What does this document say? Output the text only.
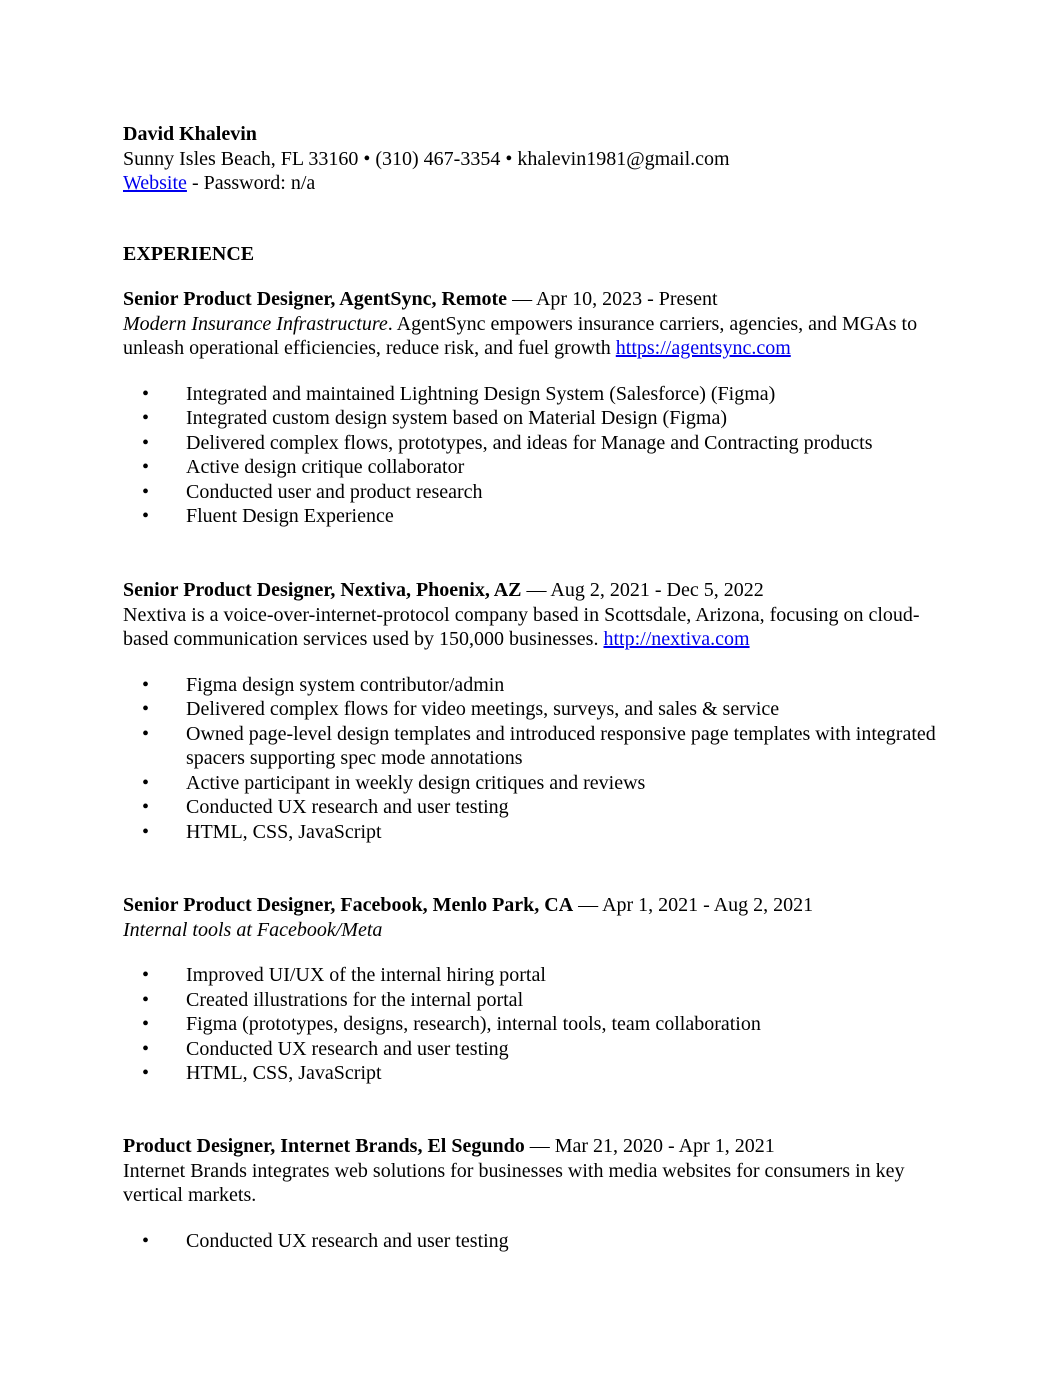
David Khalevin
Sunny Isles Beach, FL 33160 • (310) 467-3354 • khalevin1981@gmail.com
Website - Password: n/a
EXPERIENCE
Senior Product Designer, AgentSync, Remote — Apr 10, 2023 - Present
Modern Insurance Infrastructure. AgentSync empowers insurance carriers, agencies, and MGAs to unleash operational efficiencies, reduce risk, and fuel growth https://agentsync.com
• Integrated and maintained Lightning Design System (Salesforce) (Figma)
• Integrated custom design system based on Material Design (Figma)
• Delivered complex flows, prototypes, and ideas for Manage and Contracting products
• Active design critique collaborator
• Conducted user and product research
• Fluent Design Experience
Senior Product Designer, Nextiva, Phoenix, AZ — Aug 2, 2021 - Dec 5, 2022
Nextiva is a voice-over-internet-protocol company based in Scottsdale, Arizona, focusing on cloud-based communication services used by 150,000 businesses. http://nextiva.com
• Figma design system contributor/admin
• Delivered complex flows for video meetings, surveys, and sales & service
• Owned page-level design templates and introduced responsive page templates with integrated spacers supporting spec mode annotations
• Active participant in weekly design critiques and reviews
• Conducted UX research and user testing
• HTML, CSS, JavaScript
Senior Product Designer, Facebook, Menlo Park, CA — Apr 1, 2021 - Aug 2, 2021
Internal tools at Facebook/Meta
• Improved UI/UX of the internal hiring portal
• Created illustrations for the internal portal
• Figma (prototypes, designs, research), internal tools, team collaboration
• Conducted UX research and user testing
• HTML, CSS, JavaScript
Product Designer, Internet Brands, El Segundo — Mar 21, 2020 - Apr 1, 2021
Internet Brands integrates web solutions for businesses with media websites for consumers in key vertical markets.
• Conducted UX research and user testing
